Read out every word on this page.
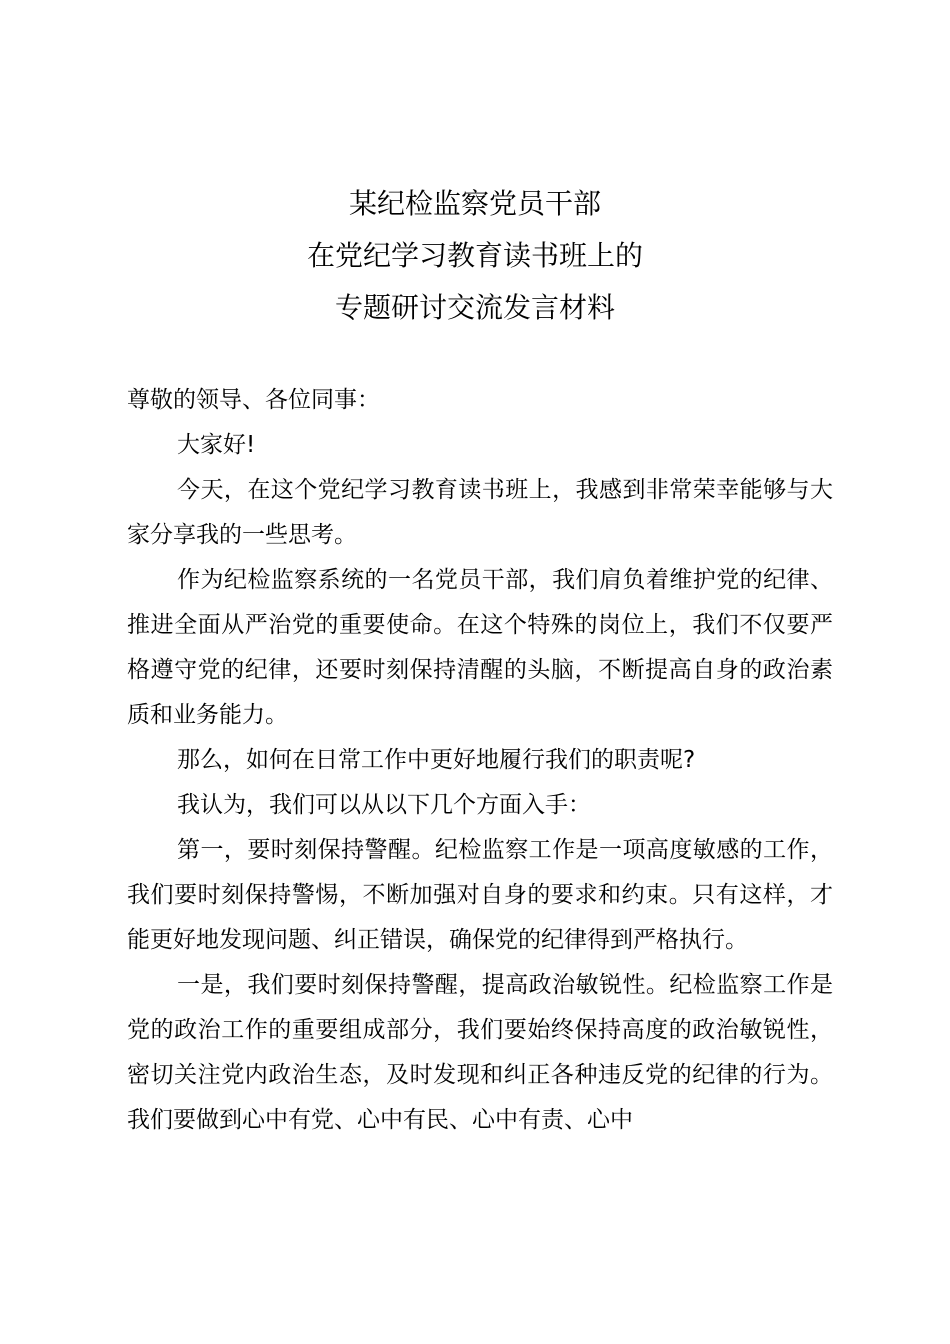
某纪检监察党员干部
在党纪学习教育读书班上的
专题研讨交流发言材料
尊敬的领导、各位同事：

大家好!

今天，在这个党纪学习教育读书班上，我感到非常荣幸能够与大家分享我的一些思考。

作为纪检监察系统的一名党员干部，我们肩负着维护党的纪律、推进全面从严治党的重要使命。在这个特殊的岗位上，我们不仅要严格遵守党的纪律，还要时刻保持清醒的头脑，不断提高自身的政治素质和业务能力。

那么，如何在日常工作中更好地履行我们的职责呢?

我认为，我们可以从以下几个方面入手：

第一，要时刻保持警醒。纪检监察工作是一项高度敏感的工作，我们要时刻保持警惕，不断加强对自身的要求和约束。只有这样，才能更好地发现问题、纠正错误，确保党的纪律得到严格执行。

一是，我们要时刻保持警醒，提高政治敏锐性。纪检监察工作是党的政治工作的重要组成部分，我们要始终保持高度的政治敏锐性，密切关注党内政治生态，及时发现和纠正各种违反党的纪律的行为。我们要做到心中有党、心中有民、心中有责、心中
